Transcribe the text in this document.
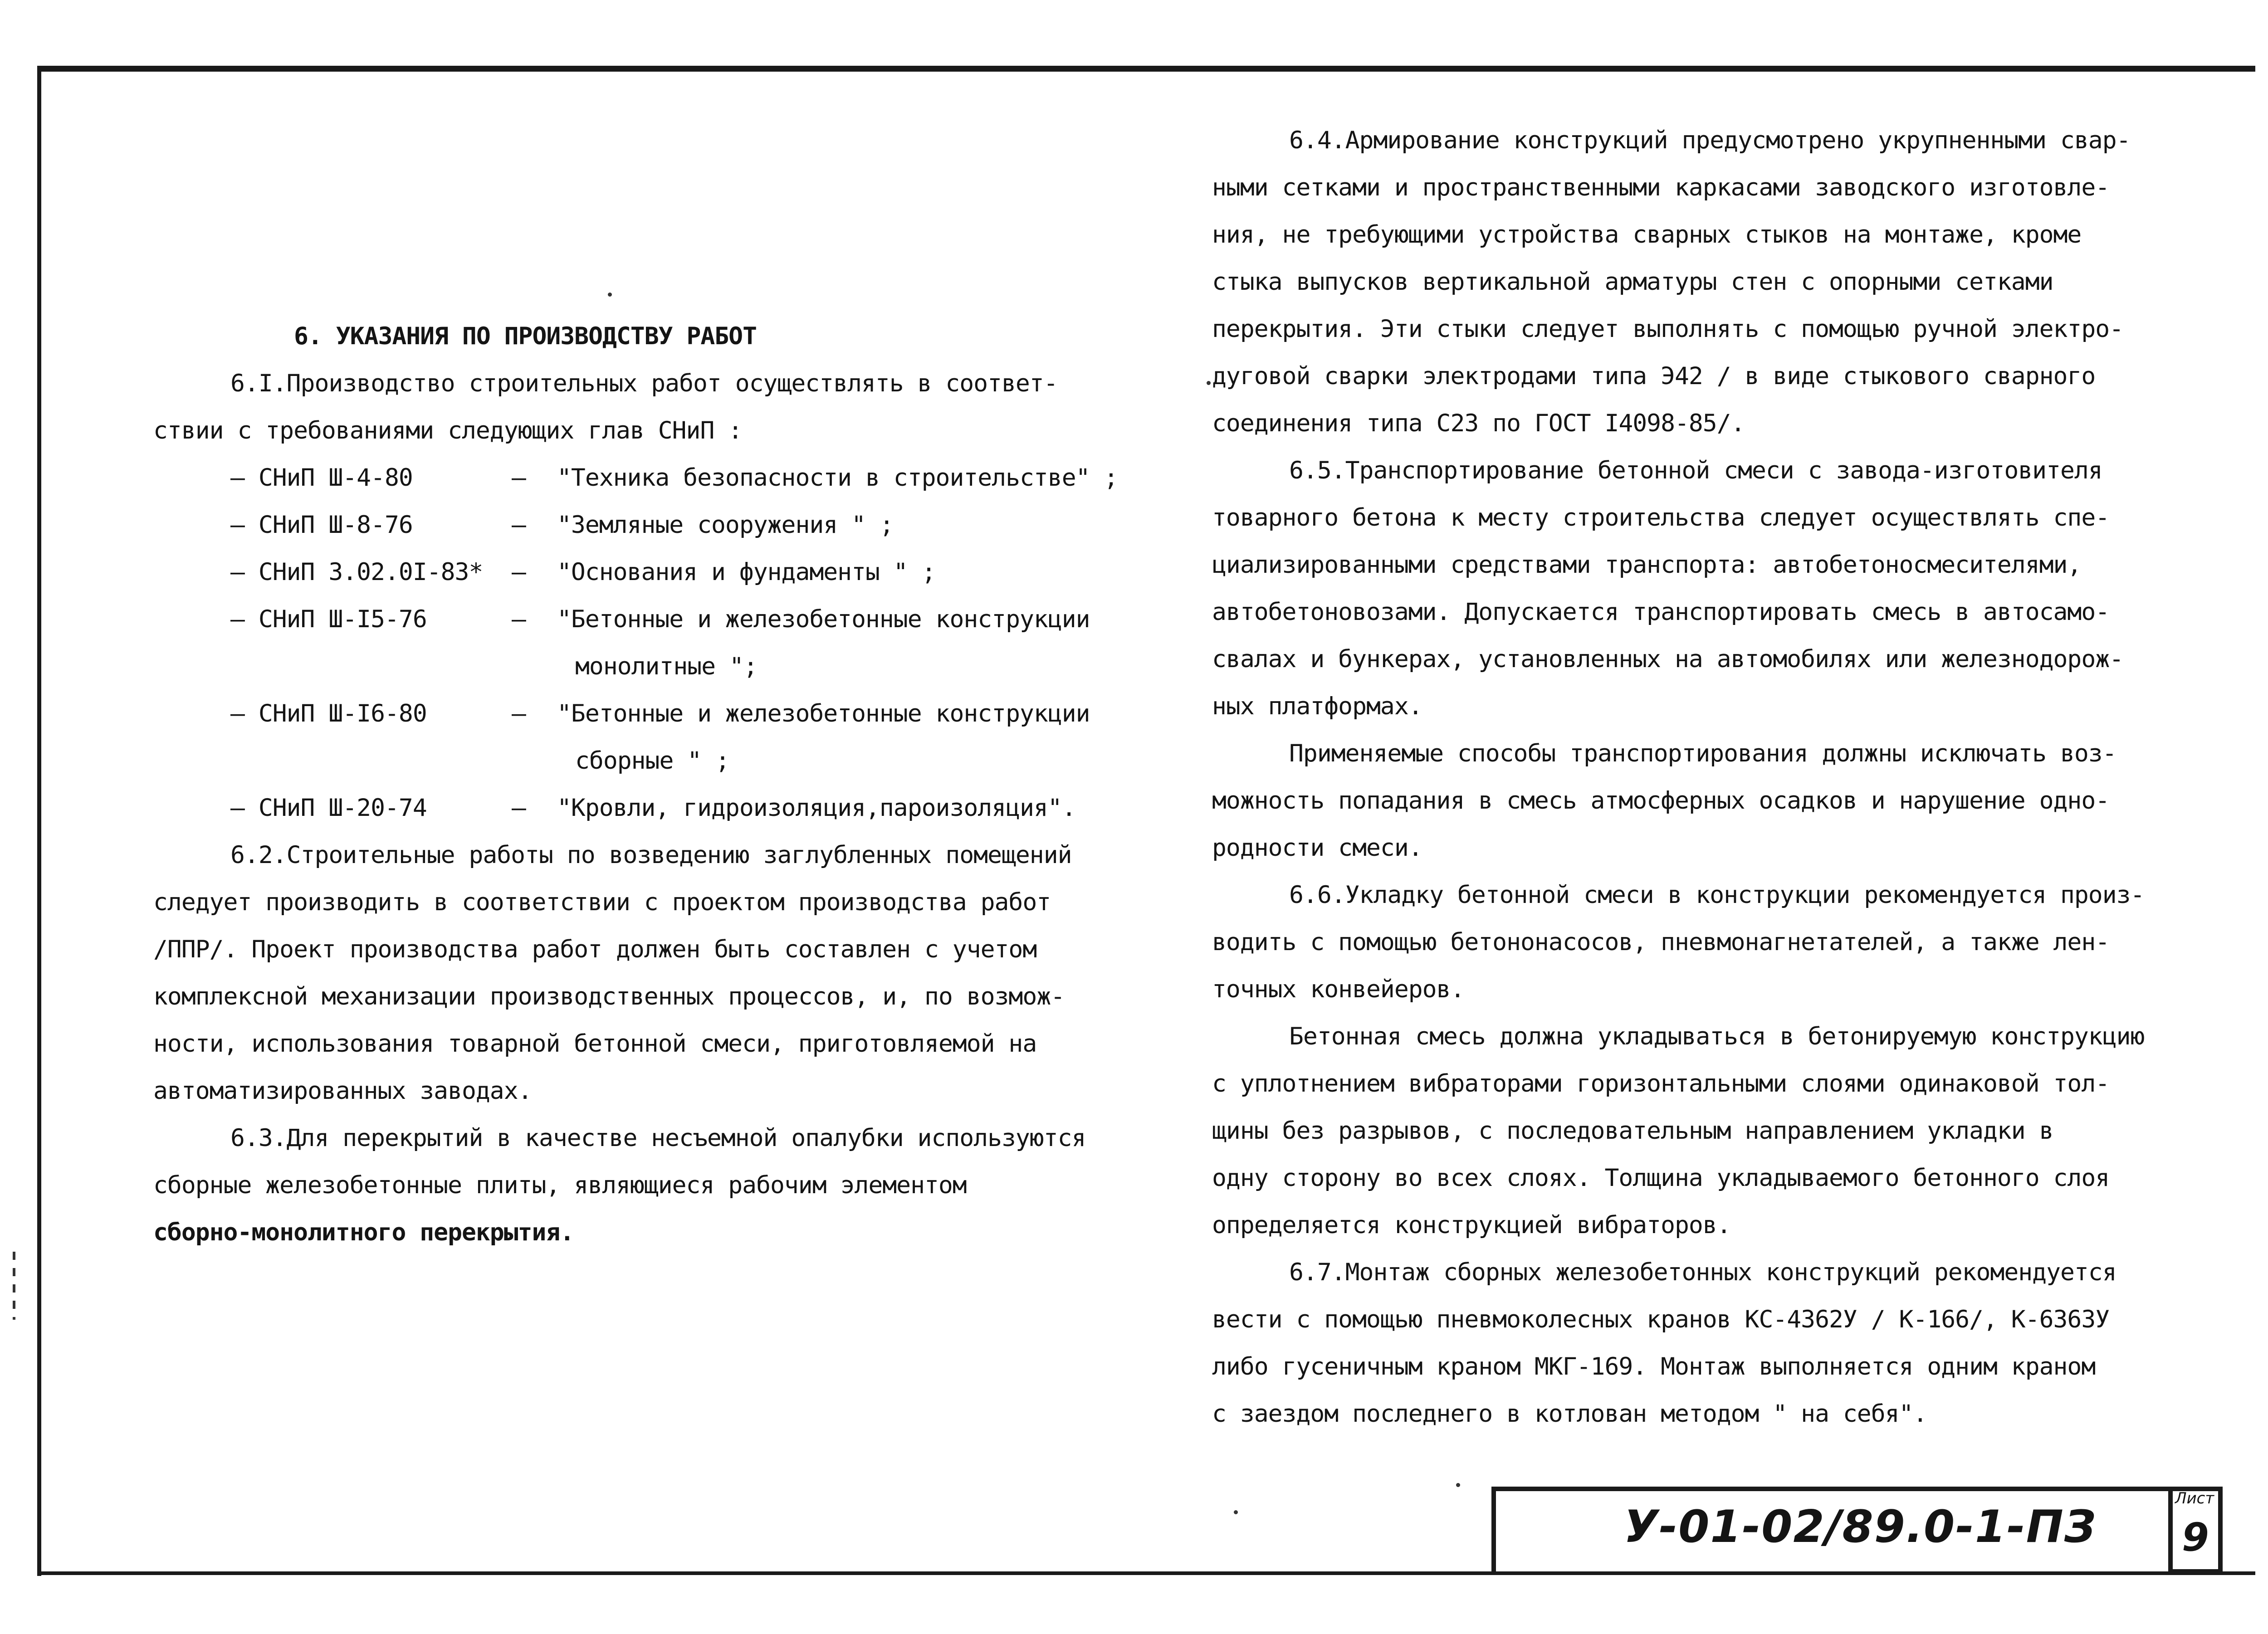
6. УКАЗАНИЯ ПО ПРОИЗВОДСТВУ РАБОТ

6.I.Производство строительных работ осуществлять в соответ-

ствии с требованиями следующих глав СНиП :

– СНиП Ш-4-80	–	"Техника безопасности в строительстве" ;
– СНиП Ш-8-76	–	"Земляные сооружения " ;
– СНиП 3.02.0I-83*	–	"Основания и фундаменты " ;
– СНиП Ш-I5-76	–	"Бетонные и железобетонные конструкции
монолитные ";
– СНиП Ш-I6-80	–	"Бетонные и железобетонные конструкции
сборные " ;
– СНиП Ш-20-74	–	"Кровли, гидроизоляция,пароизоляция".

6.2.Строительные работы по возведению заглубленных помещений

следует производить в соответствии с проектом производства работ

/ППР/. Проект производства работ должен быть составлен с учетом

комплексной механизации производственных процессов, и, по возмож-

ности, использования товарной бетонной смеси, приготовляемой на

автоматизированных заводах.

6.3.Для перекрытий в качестве несъемной опалубки используются

сборные железобетонные плиты, являющиеся рабочим элементом

сборно-монолитного перекрытия.

6.4.Армирование конструкций предусмотрено укрупненными свар-

ными сетками и пространственными каркасами заводского изготовле-

ния, не требующими устройства сварных стыков на монтаже, кроме

стыка выпусков вертикальной арматуры стен с опорными сетками

перекрытия. Эти стыки следует выполнять с помощью ручной электро-

дуговой сварки электродами типа Э42 / в виде стыкового сварного

соединения типа С23 по ГОСТ I4098-85/.

6.5.Транспортирование бетонной смеси с завода-изготовителя

товарного бетона к месту строительства следует осуществлять спе-

циализированными средствами транспорта: автобетоносмесителями,

автобетоновозами. Допускается транспортировать смесь в автосамо-

свалах и бункерах, установленных на автомобилях или железнодорож-

ных платформах.

Применяемые способы транспортирования должны исключать воз-

можность попадания в смесь атмосферных осадков и нарушение одно-

родности смеси.

6.6.Укладку бетонной смеси в конструкции рекомендуется произ-

водить с помощью бетононасосов, пневмонагнетателей, а также лен-

точных конвейеров.

Бетонная смесь должна укладываться в бетонируемую конструкцию

с уплотнением вибраторами горизонтальными слоями одинаковой тол-

щины без разрывов, с последовательным направлением укладки в

одну сторону во всех слоях. Толщина укладываемого бетонного слоя

определяется конструкцией вибраторов.

6.7.Монтаж сборных железобетонных конструкций рекомендуется

вести с помощью пневмоколесных кранов КС-4362У / К-166/, К-6363У

либо гусеничным краном МКГ-169. Монтаж выполняется одним краном

с заездом последнего в котлован методом " на себя".

У-01-02/89.0-1-ПЗ
Лист
9
